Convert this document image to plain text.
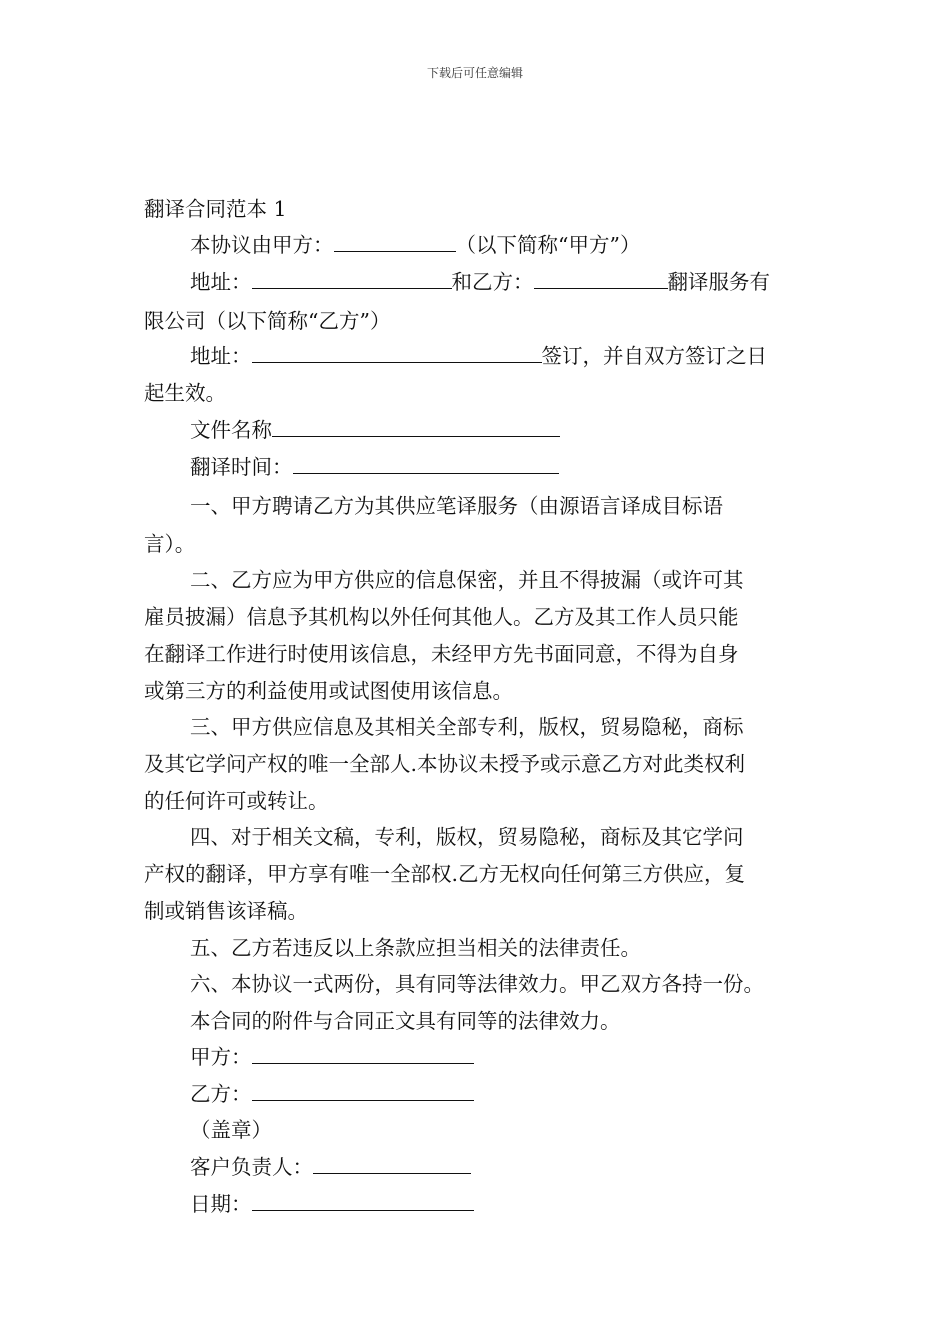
下载后可任意编辑
翻译合同范本 1
本协议由甲方：	（以下简称“甲方”）
地址：	和乙方：	翻译服务有
限公司（以下简称“乙方”）
地址：	签订，并自双方签订之日
起生效。
文件名称
翻译时间：
一、甲方聘请乙方为其供应笔译服务（由源语言译成目标语
言）。
二、乙方应为甲方供应的信息保密，并且不得披漏（或许可其
雇员披漏）信息予其机构以外任何其他人。乙方及其工作人员只能
在翻译工作进行时使用该信息，未经甲方先书面同意，不得为自身
或第三方的利益使用或试图使用该信息。
三、甲方供应信息及其相关全部专利，版权，贸易隐秘，商标
及其它学问产权的唯一全部人.本协议未授予或示意乙方对此类权利
的任何许可或转让。
四、对于相关文稿，专利，版权，贸易隐秘，商标及其它学问
产权的翻译，甲方享有唯一全部权.乙方无权向任何第三方供应，复
制或销售该译稿。
五、乙方若违反以上条款应担当相关的法律责任。
六、本协议一式两份，具有同等法律效力。甲乙双方各持一份。
本合同的附件与合同正文具有同等的法律效力。
甲方：
乙方：
（盖章）
客户负责人：
日期：
